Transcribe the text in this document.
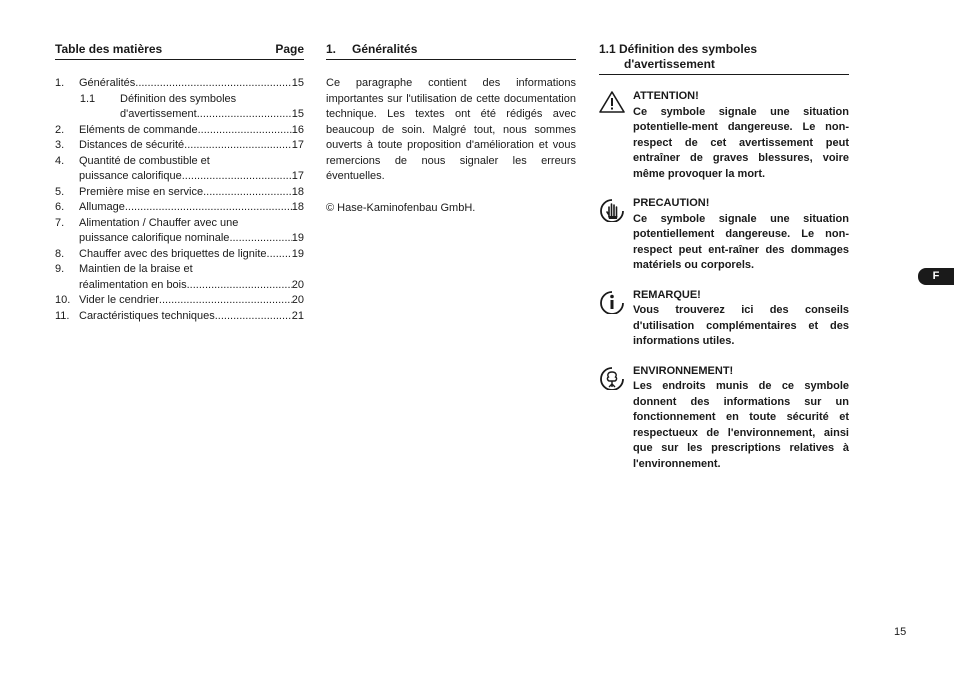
Table des matières	Page
1.	Généralités .....	15
1.1	Définition des symboles
d'avertissement .....	15
2.	Eléments de commande .....	16
3.	Distances de sécurité .....	17
4.	Quantité de combustible et
puissance calorifique .....	17
5.	Première mise en service .....	18
6.	Allumage .....	18
7.	Alimentation / Chauffer avec une
puissance calorifique nominale .....	19
8.	Chauffer avec des briquettes de lignite ..... 19
9.	Maintien de la braise et
réalimentation en bois .....	20
10. Vider le cendrier .....	20
11. Caractéristiques techniques .....	21
1. Généralités
Ce paragraphe contient des informations importantes sur l'utilisation de cette documentation technique. Les textes ont été rédigés avec beaucoup de soin. Malgré tout, nous sommes ouverts à toute proposition d'amélioration et vous remercions de nous signaler les erreurs éventuelles.
© Hase-Kaminofenbau GmbH.
1.1 Définition des symboles
d'avertissement
ATTENTION!
Ce symbole signale une situation potentielle-ment dangereuse. Le non-respect de cet avertissement peut entraîner de graves blessures, voire même provoquer la mort.
PRECAUTION!
Ce symbole signale une situation potentiellement dangereuse. Le non-respect peut ent-raîner des dommages matériels ou corporels.
REMARQUE!
Vous trouverez ici des conseils d'utilisation complémentaires et des informations utiles.
ENVIRONNEMENT!
Les endroits munis de ce symbole donnent des informations sur un fonctionnement en toute sécurité et respectueux de l'environnement, ainsi que sur les prescriptions relatives à l'environnement.
F
15
